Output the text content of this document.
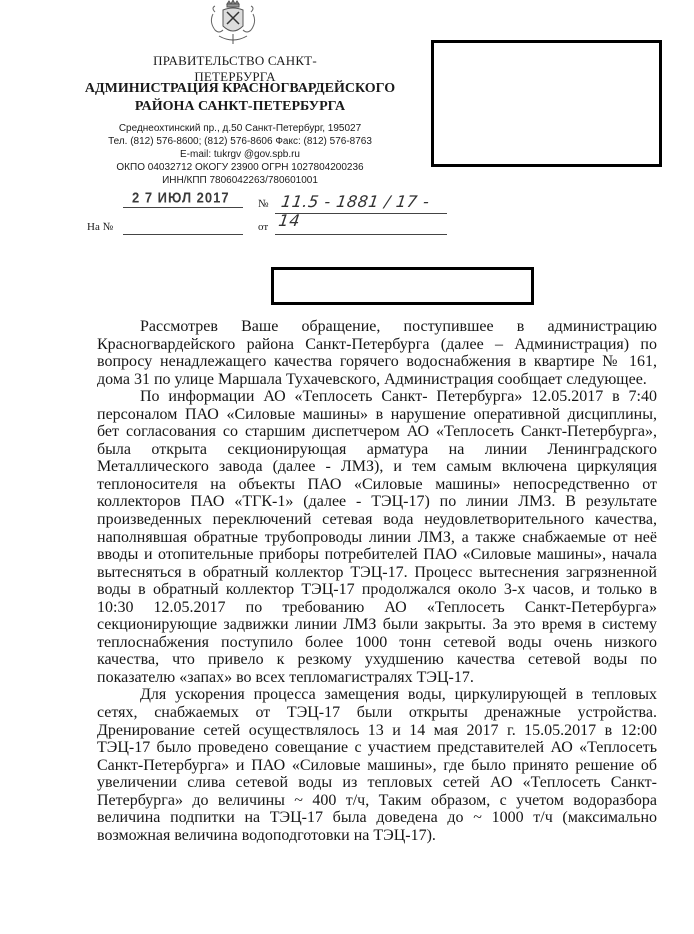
ПРАВИТЕЛЬСТВО САНКТ-ПЕТЕРБУРГА
АДМИНИСТРАЦИЯ КРАСНОГВАРДЕЙСКОГО
РАЙОНА САНКТ-ПЕТЕРБУРГА
Среднеохтинский пр., д.50 Санкт-Петербург, 195027
Тел. (812) 576-8600; (812) 576-8606 Факс: (812) 576-8763
E-mail: tukrgv @gov.spb.ru
ОКПО 04032712 ОКОГУ 23900 ОГРН 1027804200236
ИНН/КПП 7806042263/780601001
2 7 ИЮЛ 2017	№ 11.5 - 1881 / 17 - 14
На №	от

Рассмотрев Ваше обращение, поступившее в администрацию Красногвардейского района Санкт-Петербурга (далее – Администрация) по вопросу ненадлежащего качества горячего водоснабжения в квартире № 161, дома 31 по улице Маршала Тухачевского, Администрация сообщает следующее.

По информации АО «Теплосеть Санкт- Петербурга» 12.05.2017 в 7:40 персоналом ПАО «Силовые машины» в нарушение оперативной дисциплины, бет согласования со старшим диспетчером АО «Теплосеть Санкт-Петербурга», была открыта секционирующая арматура на линии Ленинградского Металлического завода (далее - ЛМЗ), и тем самым включена циркуляция теплоносителя на объекты ПАО «Силовые машины» непосредственно от коллекторов ПАО «ТГК-1» (далее - ТЭЦ-17) по линии ЛМЗ. В результате произведенных переключений сетевая вода неудовлетворительного качества, наполнявшая обратные трубопроводы линии ЛМЗ, а также снабжаемые от неё вводы и отопительные приборы потребителей ПАО «Силовые машины», начала вытесняться в обратный коллектор ТЭЦ-17. Процесс вытеснения загрязненной воды в обратный коллектор ТЭЦ-17 продолжался около 3-х часов, и только в 10:30 12.05.2017 по требованию АО «Теплосеть Санкт-Петербурга» секционирующие задвижки линии ЛМЗ были закрыты. За это время в систему теплоснабжения поступило более 1000 тонн сетевой воды очень низкого качества, что привело к резкому ухудшению качества сетевой воды по показателю «запах» во всех тепломагистралях ТЭЦ-17.

Для ускорения процесса замещения воды, циркулирующей в тепловых сетях, снабжаемых от ТЭЦ-17 были открыты дренажные устройства. Дренирование сетей осуществлялось 13 и 14 мая 2017 г. 15.05.2017 в 12:00 ТЭЦ-17 было проведено совещание с участием представителей АО «Теплосеть Санкт-Петербурга» и ПАО «Силовые машины», где было принято решение об увеличении слива сетевой воды из тепловых сетей АО «Теплосеть Санкт-Петербурга» до величины ~ 400 т/ч, Таким образом, с учетом водоразбора величина подпитки на ТЭЦ-17 была доведена до ~ 1000 т/ч (максимально возможная величина водоподготовки на ТЭЦ-17).
